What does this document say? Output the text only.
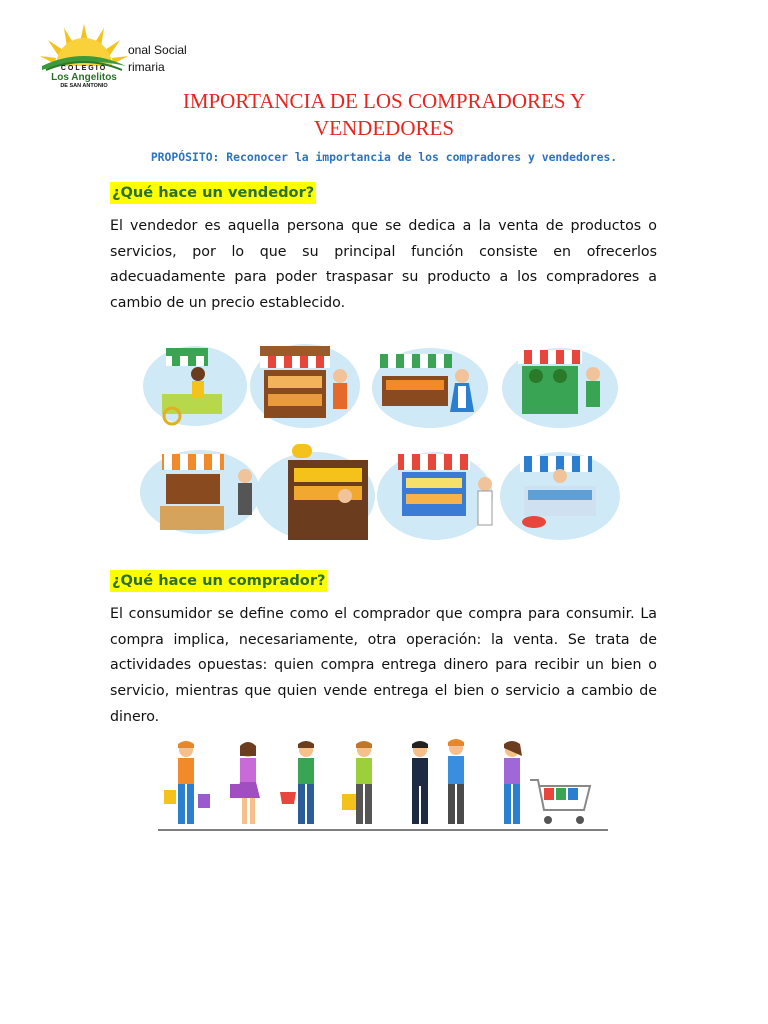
COLEGIO
Los Angelitos
DE SAN ANTONIO
onal Social
rimaria
IMPORTANCIA DE LOS COMPRADORES Y
VENDEDORES
PROPÓSITO: Reconocer la importancia de los compradores y vendedores.
¿Qué hace un vendedor?
El vendedor es aquella persona que se dedica a la venta de productos o servicios, por lo que su principal función consiste en ofrecerlos adecuadamente para poder traspasar su producto a los compradores a cambio de un precio establecido.
¿Qué hace un comprador?
El consumidor se define como el comprador que compra para consumir. La compra implica, necesariamente, otra operación: la venta. Se trata de actividades opuestas: quien compra entrega dinero para recibir un bien o servicio, mientras que quien vende entrega el bien o servicio a cambio de dinero.
